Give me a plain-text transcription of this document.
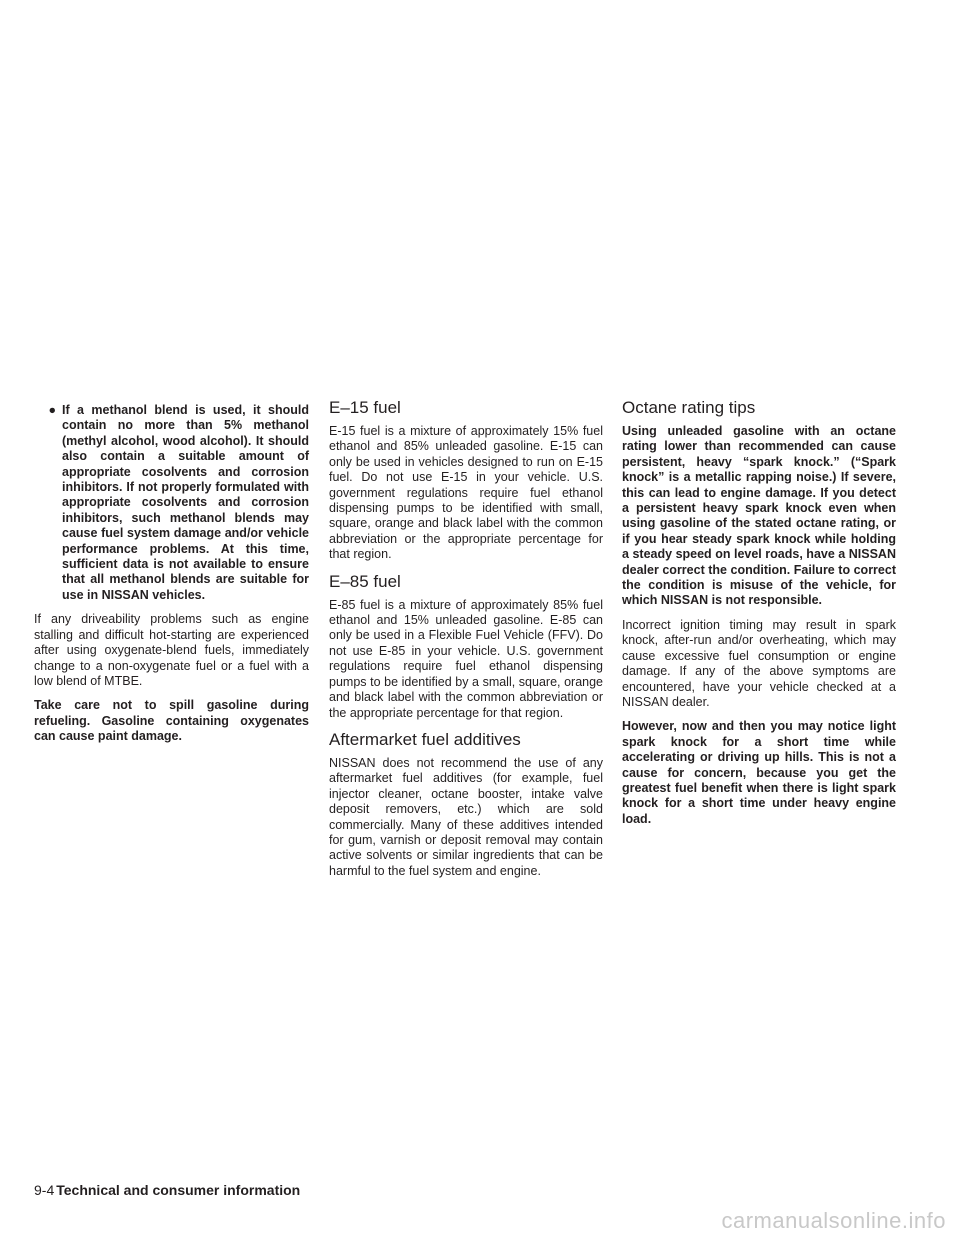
● If a methanol blend is used, it should contain no more than 5% methanol (methyl alcohol, wood alcohol). It should also contain a suitable amount of appropriate cosolvents and corrosion inhibitors. If not properly formulated with appropriate cosolvents and corrosion inhibitors, such methanol blends may cause fuel system damage and/or vehicle performance problems. At this time, sufficient data is not available to ensure that all methanol blends are suitable for use in NISSAN vehicles.

If any driveability problems such as engine stalling and difficult hot-starting are experienced after using oxygenate-blend fuels, immediately change to a non-oxygenate fuel or a fuel with a low blend of MTBE.

Take care not to spill gasoline during refueling. Gasoline containing oxygenates can cause paint damage.

E–15 fuel

E-15 fuel is a mixture of approximately 15% fuel ethanol and 85% unleaded gasoline. E-15 can only be used in vehicles designed to run on E-15 fuel. Do not use E-15 in your vehicle. U.S. government regulations require fuel ethanol dispensing pumps to be identified with small, square, orange and black label with the common abbreviation or the appropriate percentage for that region.

E–85 fuel

E-85 fuel is a mixture of approximately 85% fuel ethanol and 15% unleaded gasoline. E-85 can only be used in a Flexible Fuel Vehicle (FFV). Do not use E-85 in your vehicle. U.S. government regulations require fuel ethanol dispensing pumps to be identified by a small, square, orange and black label with the common abbreviation or the appropriate percentage for that region.

Aftermarket fuel additives

NISSAN does not recommend the use of any aftermarket fuel additives (for example, fuel injector cleaner, octane booster, intake valve deposit removers, etc.) which are sold commercially. Many of these additives intended for gum, varnish or deposit removal may contain active solvents or similar ingredients that can be harmful to the fuel system and engine.

Octane rating tips

Using unleaded gasoline with an octane rating lower than recommended can cause persistent, heavy “spark knock.” (“Spark knock” is a metallic rapping noise.) If severe, this can lead to engine damage. If you detect a persistent heavy spark knock even when using gasoline of the stated octane rating, or if you hear steady spark knock while holding a steady speed on level roads, have a NISSAN dealer correct the condition. Failure to correct the condition is misuse of the vehicle, for which NISSAN is not responsible.

Incorrect ignition timing may result in spark knock, after-run and/or overheating, which may cause excessive fuel consumption or engine damage. If any of the above symptoms are encountered, have your vehicle checked at a NISSAN dealer.

However, now and then you may notice light spark knock for a short time while accelerating or driving up hills. This is not a cause for concern, because you get the greatest fuel benefit when there is light spark knock for a short time under heavy engine load.

9-4 Technical and consumer information
carmanualsonline.info
